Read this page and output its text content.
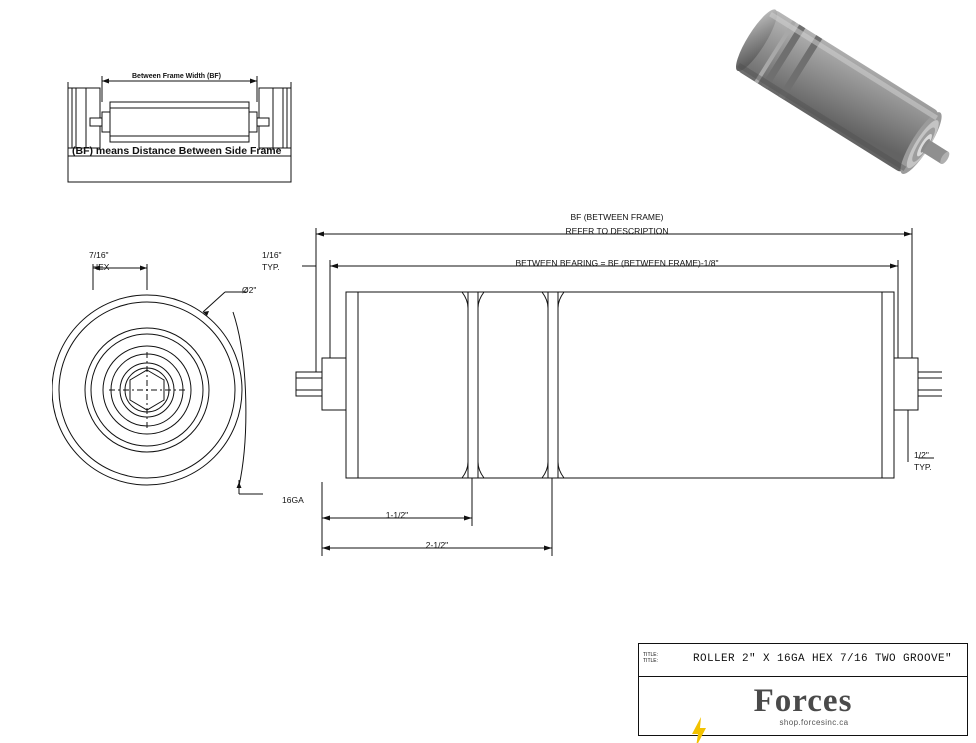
Between Frame Width (BF)
(BF) means Distance Between Side Frame
7/16"
HEX
Ø2"
16GA
BF (BETWEEN FRAME)
REFER TO DESCRIPTION
BETWEEN BEARING = BF (BETWEEN FRAME)-1/8"
1/16"
TYP.
1/2"
TYP.
1-1/2"
2-1/2"
TITLE:
TITLE:	ROLLER 2" X 16GA HEX 7/16 TWO GROOVE"
Forces
shop.forcesinc.ca
